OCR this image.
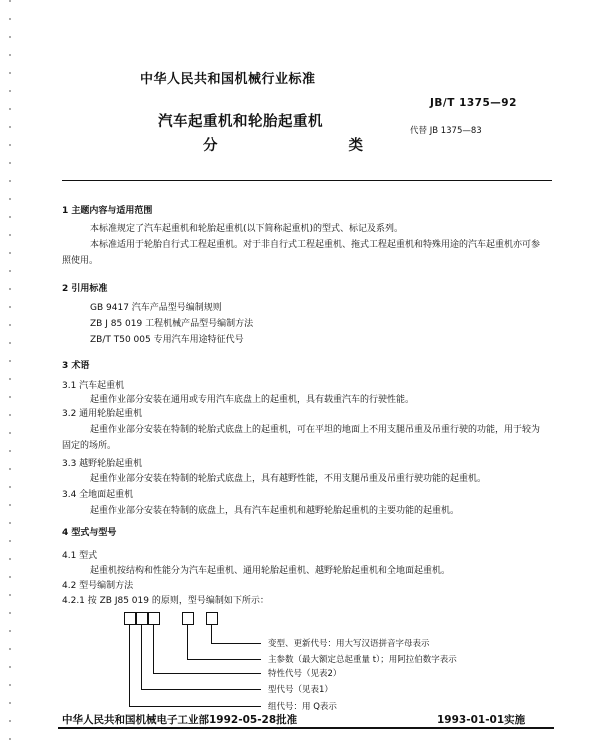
中华人民共和国机械行业标准
JB/T 1375—92
代替 JB 1375—83
汽车起重机和轮胎起重机
分	类
1 主题内容与适用范围
本标准规定了汽车起重机和轮胎起重机(以下简称起重机)的型式、标记及系列。
本标准适用于轮胎自行式工程起重机。对于非自行式工程起重机、拖式工程起重机和特殊用途的汽车起重机亦可参照使用。
2 引用标准
GB 9417 汽车产品型号编制规则
ZB J 85 019 工程机械产品型号编制方法
ZB/T T50 005 专用汽车用途特征代号
3 术语
3.1 汽车起重机
起重作业部分安装在通用或专用汽车底盘上的起重机，具有载重汽车的行驶性能。
3.2 通用轮胎起重机
起重作业部分安装在特制的轮胎式底盘上的起重机，可在平坦的地面上不用支腿吊重及吊重行驶的功能，用于较为固定的场所。
3.3 越野轮胎起重机
起重作业部分安装在特制的轮胎式底盘上，具有越野性能，不用支腿吊重及吊重行驶功能的起重机。
3.4 全地面起重机
起重作业部分安装在特制的底盘上，具有汽车起重机和越野轮胎起重机的主要功能的起重机。
4 型式与型号
4.1 型式
起重机按结构和性能分为汽车起重机、通用轮胎起重机、越野轮胎起重机和全地面起重机。
4.2 型号编制方法
4.2.1 按 ZB J85 019 的原则，型号编制如下所示：
变型、更新代号：用大写汉语拼音字母表示
主参数（最大额定总起重量 t）；用阿拉伯数字表示
特性代号（见表2）
型代号（见表1）
组代号：用 Q表示
中华人民共和国机械电子工业部1992-05-28批准	1993-01-01实施
